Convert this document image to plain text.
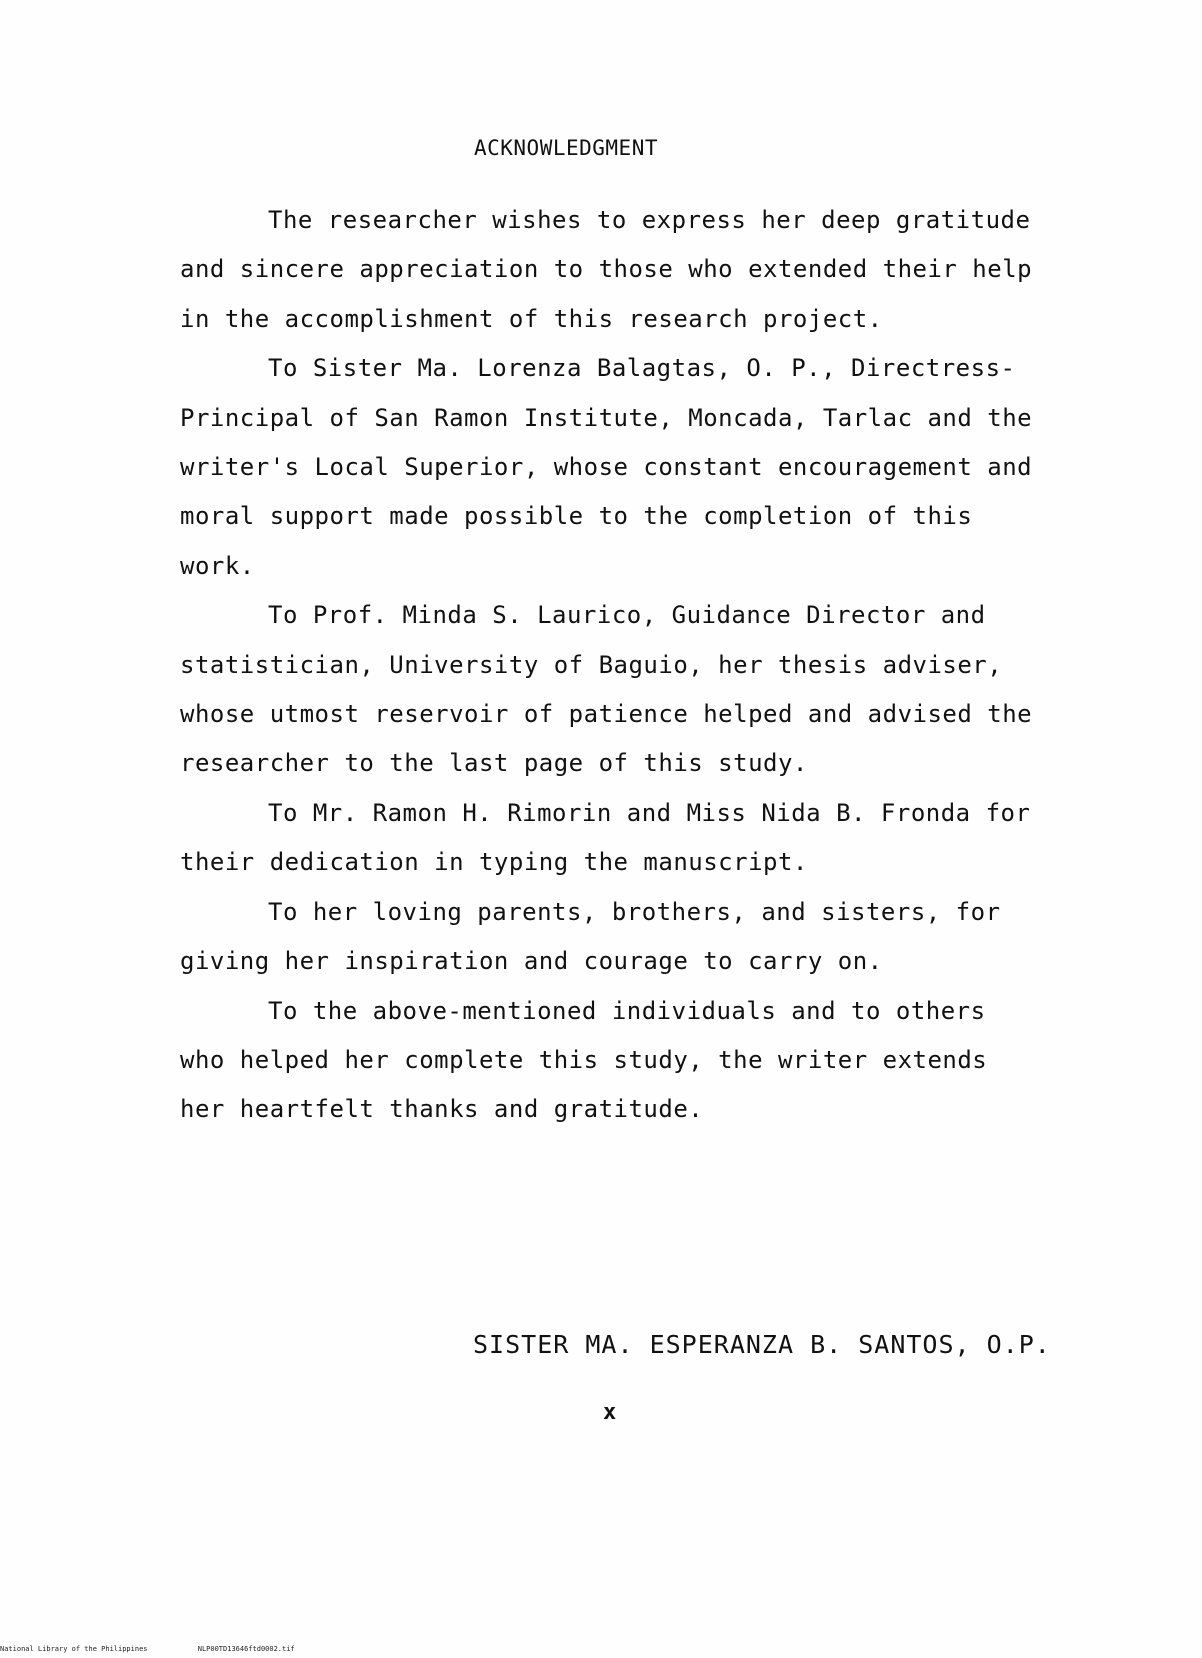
ACKNOWLEDGMENT

The researcher wishes to express her deep gratitude and sincere appreciation to those who extended their help in the accomplishment of this research project.

To Sister Ma. Lorenza Balagtas, O. P., Directress-Principal of San Ramon Institute, Moncada, Tarlac and the writer's Local Superior, whose constant encouragement and moral support made possible to the completion of this work.

To Prof. Minda S. Laurico, Guidance Director and statistician, University of Baguio, her thesis adviser, whose utmost reservoir of patience helped and advised the researcher to the last page of this study.

To Mr. Ramon H. Rimorin and Miss Nida B. Fronda for their dedication in typing the manuscript.

To her loving parents, brothers, and sisters, for giving her inspiration and courage to carry on.

To the above-mentioned individuals and to others who helped her complete this study, the writer extends her heartfelt thanks and gratitude.

SISTER MA. ESPERANZA B. SANTOS, O.P.
x
National Library of the Philippines	NLP00TD13646ftd0002.tif
